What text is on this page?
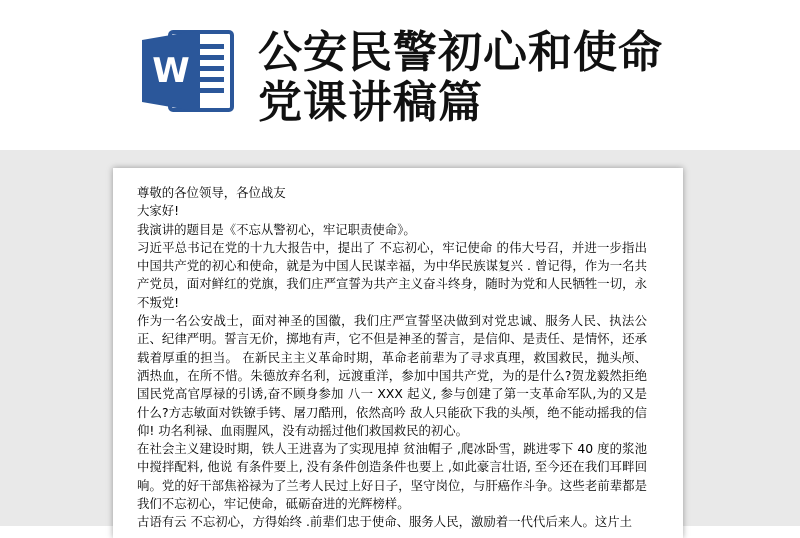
W 公安民警初心和使命
党课讲稿篇

尊敬的各位领导，各位战友

大家好!

我演讲的题目是《不忘从警初心，牢记职责使命》。

习近平总书记在党的十九大报告中，提出了 不忘初心，牢记使命 的伟大号召，并进一步指出 中国共产党的初心和使命，就是为中国人民谋幸福，为中华民族谋复兴 . 曾记得，作为一名共产党员，面对鲜红的党旗，我们庄严宣誓为共产主义奋斗终身，随时为党和人民牺牲一切，永不叛党!

作为一名公安战士，面对神圣的国徽，我们庄严宣誓坚决做到对党忠诚、服务人民、执法公正、纪律严明。誓言无价，掷地有声，它不但是神圣的誓言，是信仰、是责任、是情怀，还承载着厚重的担当。 在新民主主义革命时期，革命老前辈为了寻求真理，救国救民，抛头颅、洒热血，在所不惜。朱德放弃名利，远渡重洋，参加中国共产党，为的是什么?贺龙毅然拒绝国民党高官厚禄的引诱,奋不顾身参加 八一 XXX 起义, 参与创建了第一支革命军队,为的又是什么?方志敏面对铁镣手铐、屠刀酷刑，依然高吟 敌人只能砍下我的头颅，绝不能动摇我的信仰! 功名利禄、血雨腥风，没有动摇过他们救国救民的初心。

在社会主义建设时期，铁人王进喜为了实现甩掉 贫油帽子 ,爬冰卧雪，跳进零下 40 度的浆池中搅拌配料, 他说 有条件要上, 没有条件创造条件也要上 ,如此豪言壮语, 至今还在我们耳畔回响。党的好干部焦裕禄为了兰考人民过上好日子，坚守岗位，与肝癌作斗争。这些老前辈都是我们不忘初心，牢记使命，砥砺奋进的光辉榜样。

古语有云 不忘初心，方得始终 .前辈们忠于使命、服务人民，激励着一代代后来人。这片土
